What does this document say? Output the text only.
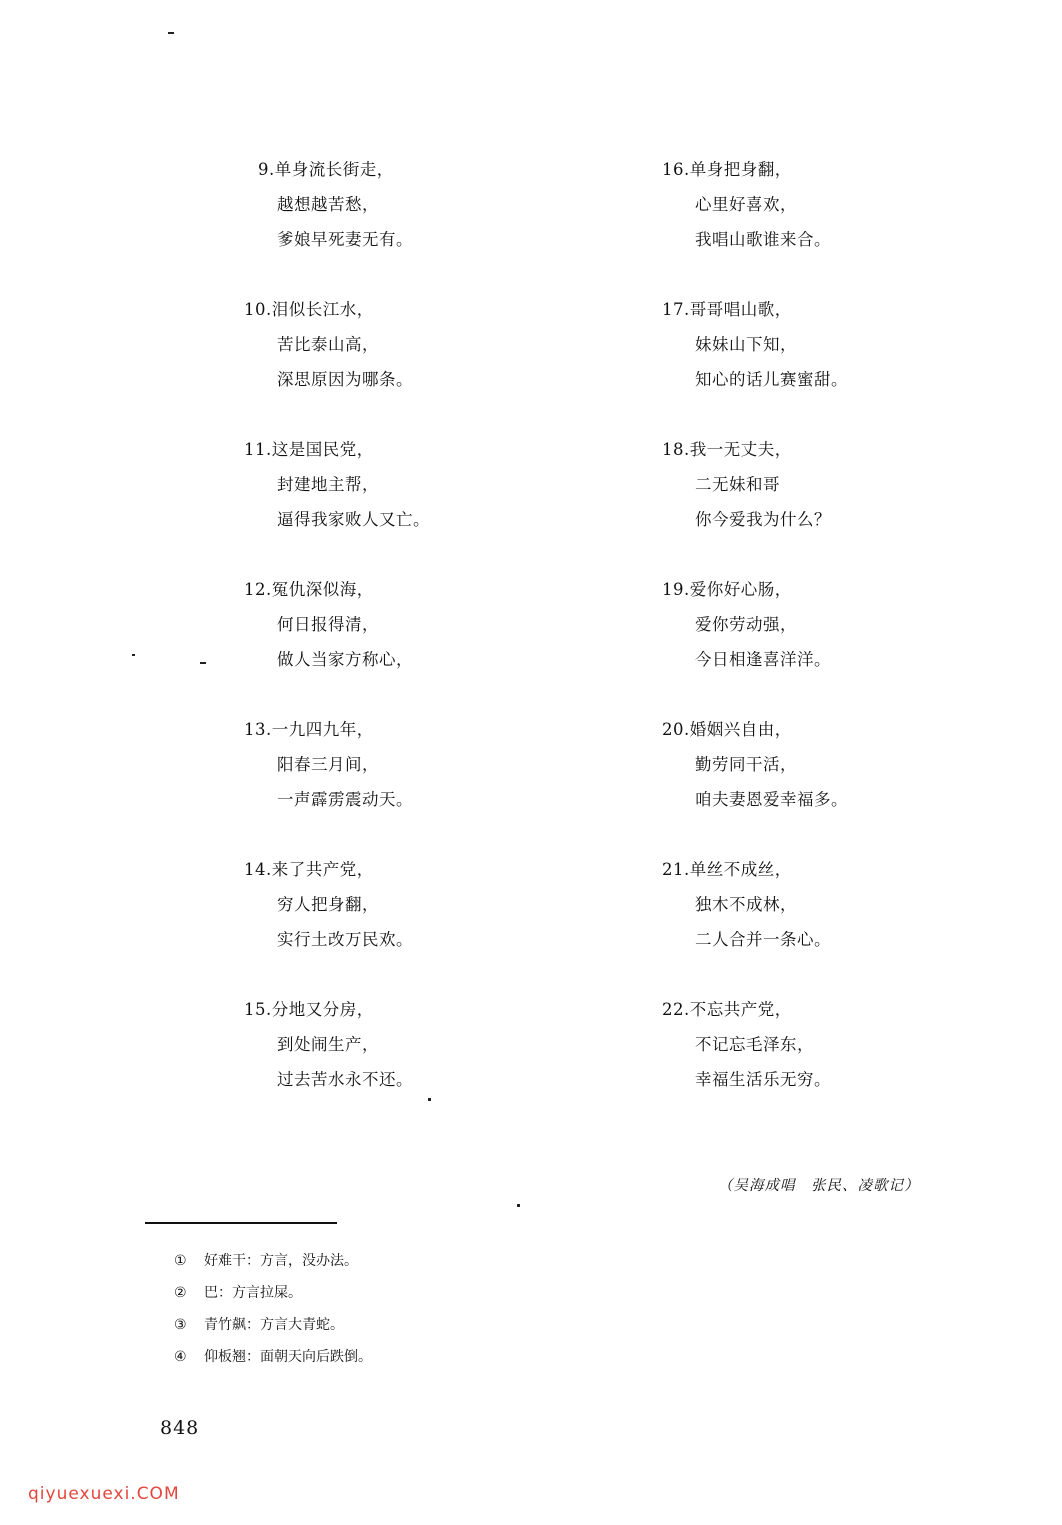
9.单身流长街走，
越想越苦愁，
爹娘早死妻无有。
10.泪似长江水，
苦比泰山高，
深思原因为哪条。
11.这是国民党，
封建地主帮，
逼得我家败人又亡。
12.冤仇深似海，
何日报得清，
做人当家方称心，
13.一九四九年，
阳春三月间，
一声霹雳震动天。
14.来了共产党，
穷人把身翻，
实行土改万民欢。
15.分地又分房，
到处闹生产，
过去苦水永不还。
16.单身把身翻，
心里好喜欢，
我唱山歌谁来合。
17.哥哥唱山歌，
妹妹山下知，
知心的话儿赛蜜甜。
18.我一无丈夫，
二无妹和哥
你今爱我为什么？
19.爱你好心肠，
爱你劳动强，
今日相逢喜洋洋。
20.婚姻兴自由，
勤劳同干活，
咱夫妻恩爱幸福多。
21.单丝不成丝，
独木不成林，
二人合并一条心。
22.不忘共产党，
不记忘毛泽东，
幸福生活乐无穷。
（吴海成唱　张民、凌歌记）
① 好难干：方言，没办法。
② 巴：方言拉屎。
③ 青竹飙：方言大青蛇。
④ 仰板翘：面朝天向后跌倒。
848
qiyuexuexi.COM
